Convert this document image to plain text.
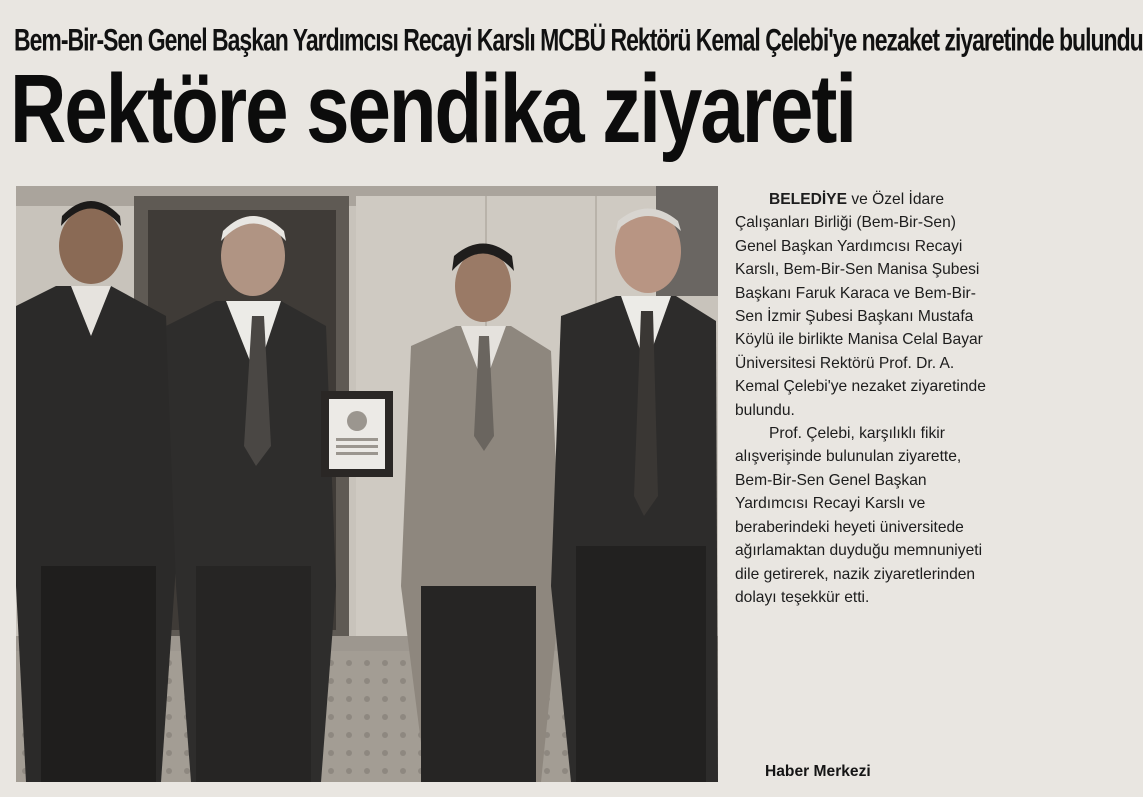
Bem-Bir-Sen Genel Başkan Yardımcısı Recayi Karslı MCBÜ Rektörü Kemal Çelebi'ye nezaket ziyaretinde bulundu
Rektöre sendika ziyareti

BELEDİYE ve Özel İdare Çalışanları Birliği (Bem-Bir-Sen) Genel Başkan Yardımcısı Recayi Karslı, Bem-Bir-Sen Manisa Şubesi Başkanı Faruk Karaca ve Bem-Bir-Sen İzmir Şubesi Başkanı Mustafa Köylü ile birlikte Manisa Celal Bayar Üniversitesi Rektörü Prof. Dr. A. Kemal Çelebi'ye nezaket ziyaretinde bulundu.

Prof. Çelebi, karşılıklı fikir alışverişinde bulunulan ziyarette, Bem-Bir-Sen Genel Başkan Yardımcısı Recayi Karslı ve beraberindeki heyeti üniversitede ağırlamaktan duyduğu memnuniyeti dile getirerek, nazik ziyaretlerinden dolayı teşekkür etti.

Haber Merkezi
